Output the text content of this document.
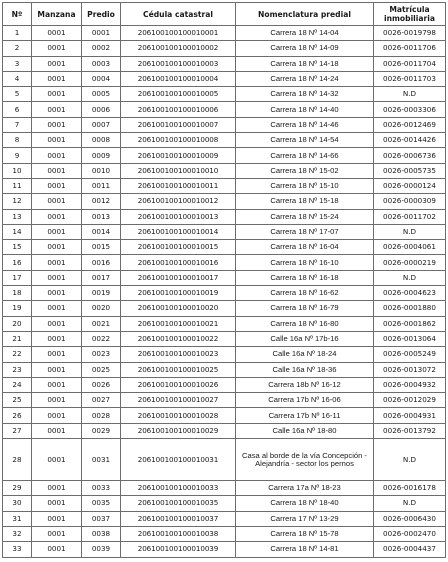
Nº	Manzana	Predio	Cédula catastral	Nomenclatura predial	Matrícula inmobiliaria
1	0001	0001	206100100100010001	Carrera 18 Nº 14-04	0026-0019798
2	0001	0002	206100100100010002	Carrera 18 Nº 14-09	0026-0011706
3	0001	0003	206100100100010003	Carrera 18 Nº 14-18	0026-0011704
4	0001	0004	206100100100010004	Carrera 18 Nº 14-24	0026-0011703
5	0001	0005	206100100100010005	Carrera 18 Nº 14-32	N.D
6	0001	0006	206100100100010006	Carrera 18 Nº 14-40	0026-0003306
7	0001	0007	206100100100010007	Carrera 18 Nº 14-46	0026-0012469
8	0001	0008	206100100100010008	Carrera 18 Nº 14-54	0026-0014426
9	0001	0009	206100100100010009	Carrera 18 Nº 14-66	0026-0006736
10	0001	0010	206100100100010010	Carrera 18 Nº 15-02	0026-0005735
11	0001	0011	206100100100010011	Carrera 18 Nº 15-10	0026-0000124
12	0001	0012	206100100100010012	Carrera 18 Nº 15-18	0026-0000309
13	0001	0013	206100100100010013	Carrera 18 Nº 15-24	0026-0011702
14	0001	0014	206100100100010014	Carrera 18 Nº 17-07	N.D
15	0001	0015	206100100100010015	Carrera 18 Nº 16-04	0026-0004061
16	0001	0016	206100100100010016	Carrera 18 Nº 16-10	0026-0000219
17	0001	0017	206100100100010017	Carrera 18 Nº 16-18	N.D
18	0001	0019	206100100100010019	Carrera 18 Nº 16-62	0026-0004623
19	0001	0020	206100100100010020	Carrera 18 Nº 16-79	0026-0001880
20	0001	0021	206100100100010021	Carrera 18 Nº 16-80	0026-0001862
21	0001	0022	206100100100010022	Calle 16a Nº 17b-16	0026-0013064
22	0001	0023	206100100100010023	Calle 16a Nº 18-24	0026-0005249
23	0001	0025	206100100100010025	Calle 16a Nº 18-36	0026-0013072
24	0001	0026	206100100100010026	Carrera 18b Nº 16-12	0026-0004932
25	0001	0027	206100100100010027	Carrera 17b Nº 16-06	0026-0012029
26	0001	0028	206100100100010028	Carrera 17b Nº 16-11	0026-0004931
27	0001	0029	206100100100010029	Calle 16a Nº 18-80	0026-0013792
28	0001	0031	206100100100010031	Casa al borde de la vía Concepción - Alejandría - sector los pernos	N.D
29	0001	0033	206100100100010033	Carrera 17a Nº 18-23	0026-0016178
30	0001	0035	206100100100010035	Carrera 18 Nº 18-40	N.D
31	0001	0037	206100100100010037	Carrera 17 Nº 13-29	0026-0006430
32	0001	0038	206100100100010038	Carrera 18 Nº 15-78	0026-0002470
33	0001	0039	206100100100010039	Carrera 18 Nº 14-81	0026-0004437
